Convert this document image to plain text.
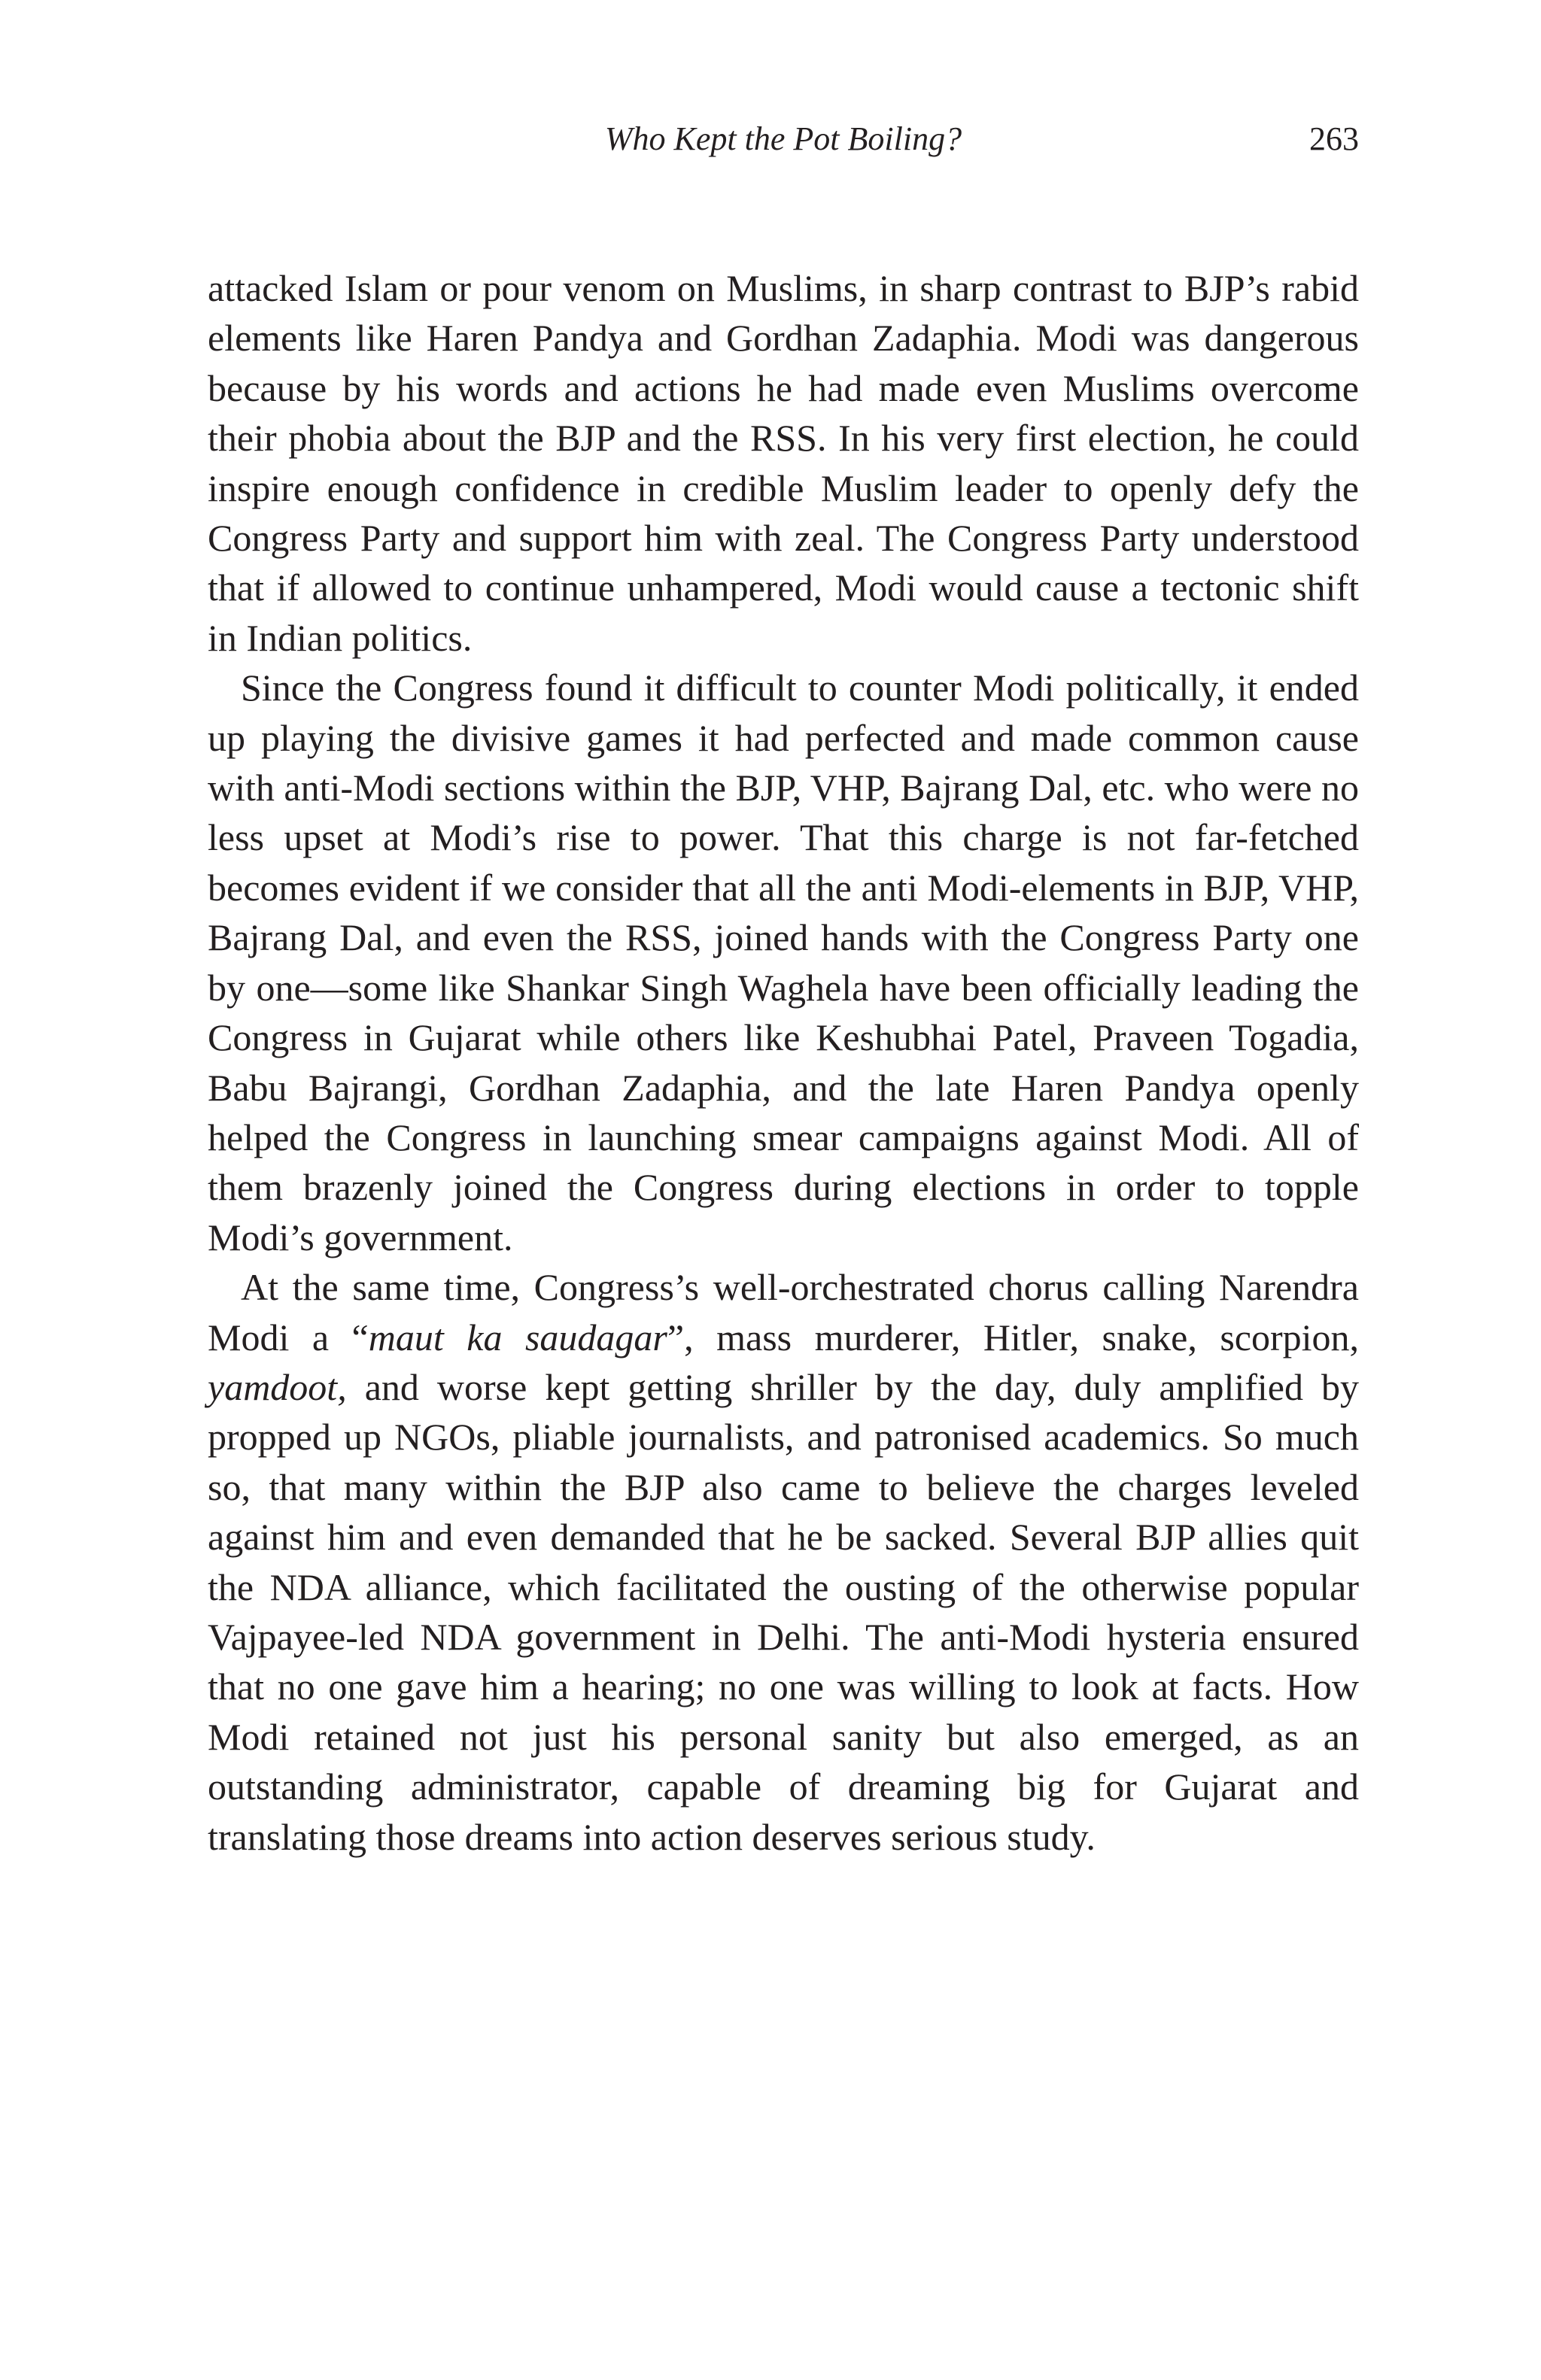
Who Kept the Pot Boiling?	263

attacked Islam or pour venom on Muslims, in sharp contrast to BJP’s rabid elements like Haren Pandya and Gordhan Zadaphia. Modi was dangerous because by his words and actions he had made even Muslims overcome their phobia about the BJP and the RSS. In his very first election, he could inspire enough confidence in credible Muslim leader to openly defy the Congress Party and support him with zeal. The Congress Party understood that if allowed to continue unhampered, Modi would cause a tectonic shift in Indian politics.

Since the Congress found it difficult to counter Modi politically, it ended up playing the divisive games it had perfected and made common cause with anti-Modi sections within the BJP, VHP, Bajrang Dal, etc. who were no less upset at Modi’s rise to power. That this charge is not far-fetched becomes evident if we consider that all the anti Modi-elements in BJP, VHP, Bajrang Dal, and even the RSS, joined hands with the Congress Party one by one—some like Shankar Singh Waghela have been officially leading the Congress in Gujarat while others like Keshubhai Patel, Praveen Togadia, Babu Bajrangi, Gordhan Zadaphia, and the late Haren Pandya openly helped the Congress in launching smear campaigns against Modi. All of them brazenly joined the Congress during elections in order to topple Modi’s government.

At the same time, Congress’s well-orchestrated chorus calling Narendra Modi a “maut ka saudagar”, mass murderer, Hitler, snake, scorpion, yamdoot, and worse kept getting shriller by the day, duly amplified by propped up NGOs, pliable journalists, and patronised academics. So much so, that many within the BJP also came to believe the charges leveled against him and even demanded that he be sacked. Several BJP allies quit the NDA alliance, which facilitated the ousting of the otherwise popular Vajpayee-led NDA government in Delhi. The anti-Modi hysteria ensured that no one gave him a hearing; no one was willing to look at facts. How Modi retained not just his personal sanity but also emerged, as an outstanding administrator, capable of dreaming big for Gujarat and translating those dreams into action deserves serious study.
